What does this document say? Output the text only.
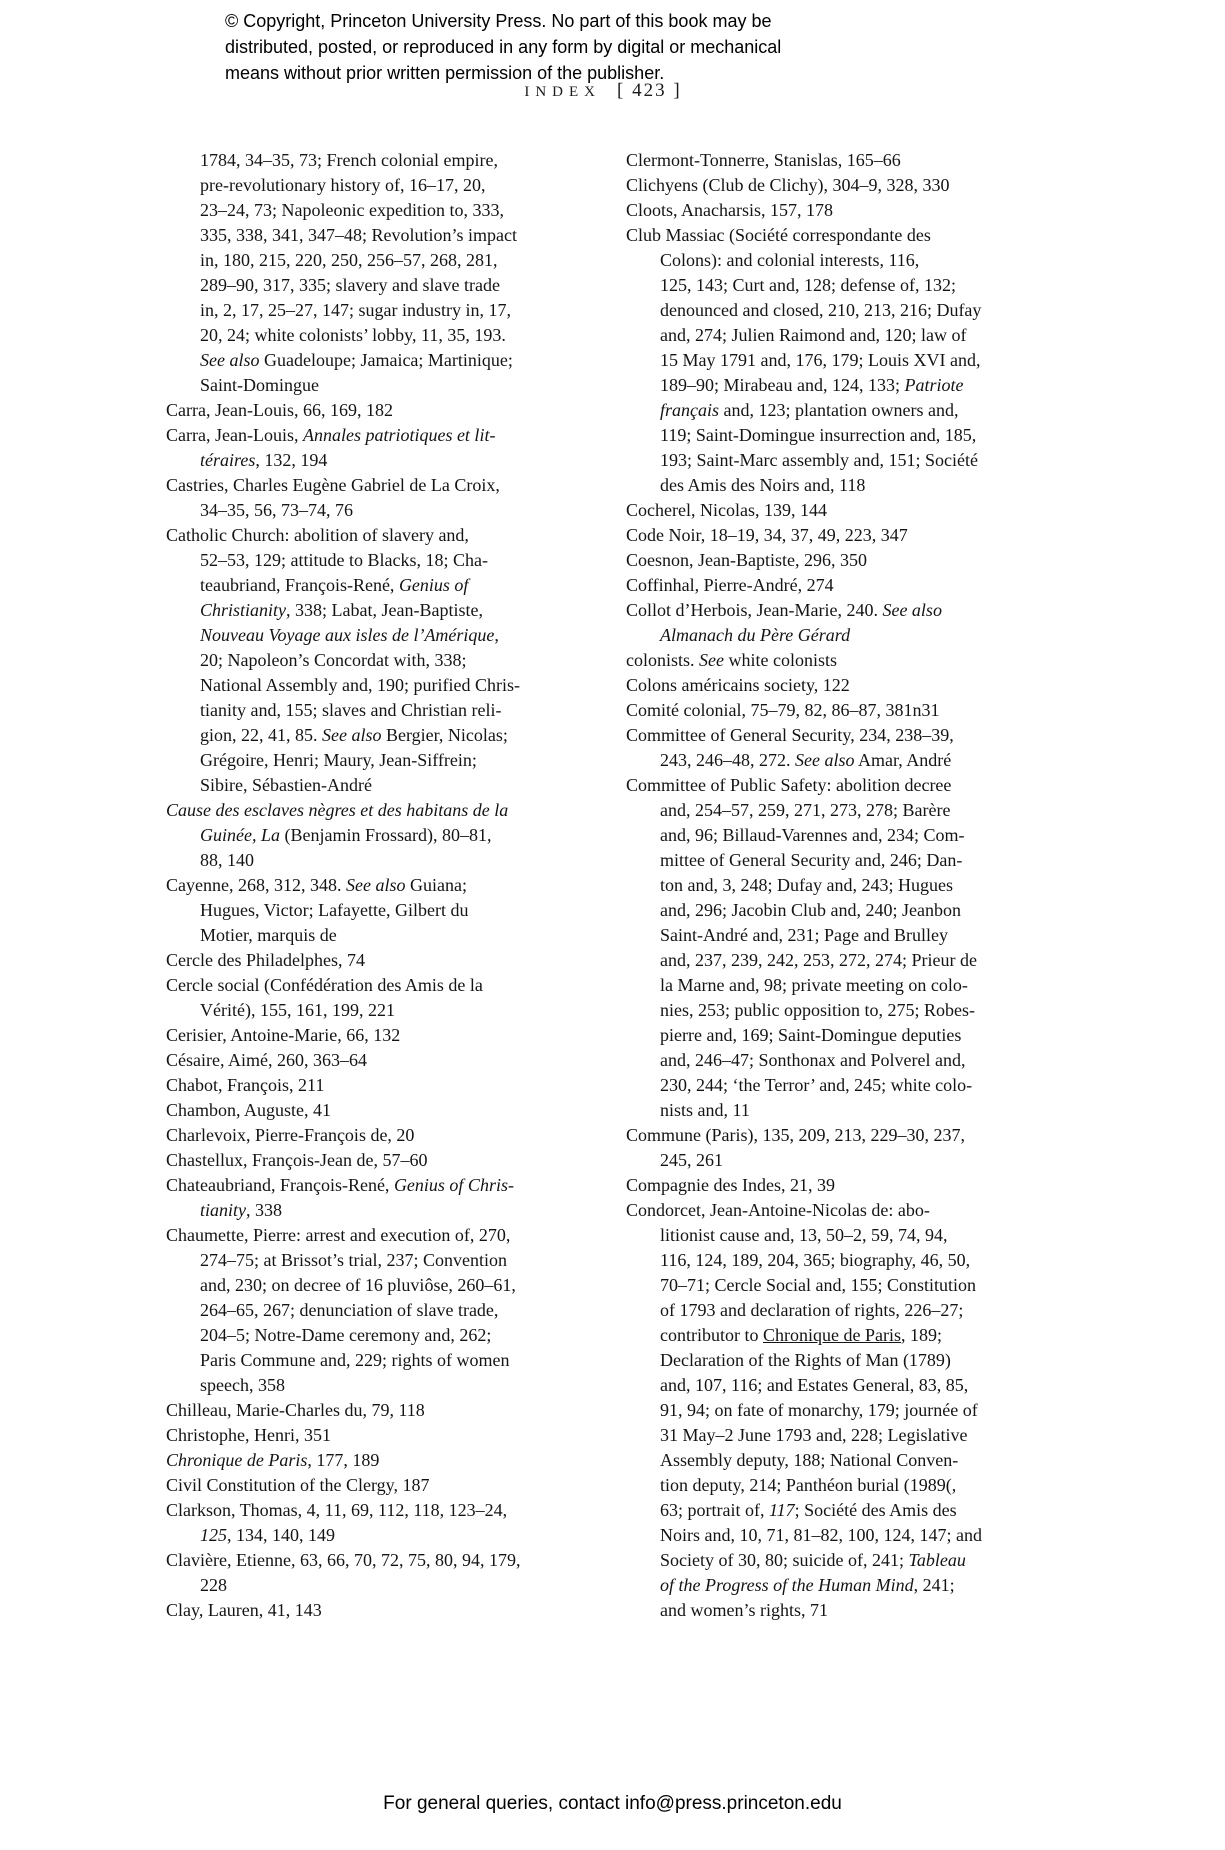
© Copyright, Princeton University Press. No part of this book may be
distributed, posted, or reproduced in any form by digital or mechanical
means without prior written permission of the publisher.
INDEX [ 423 ]
1784, 34–35, 73; French colonial empire,
pre-revolutionary history of, 16–17, 20,
23–24, 73; Napoleonic expedition to, 333,
335, 338, 341, 347–48; Revolution’s impact
in, 180, 215, 220, 250, 256–57, 268, 281,
289–90, 317, 335; slavery and slave trade
in, 2, 17, 25–27, 147; sugar industry in, 17,
20, 24; white colonists’ lobby, 11, 35, 193.
See also Guadeloupe; Jamaica; Martinique;
Saint-Domingue
Carra, Jean-Louis, 66, 169, 182
Carra, Jean-Louis, Annales patriotiques et lit-
téraires, 132, 194
Castries, Charles Eugène Gabriel de La Croix,
34–35, 56, 73–74, 76
Catholic Church: abolition of slavery and,
52–53, 129; attitude to Blacks, 18; Cha-
teaubriand, François-René, Genius of
Christianity, 338; Labat, Jean-Baptiste,
Nouveau Voyage aux isles de l’Amérique,
20; Napoleon’s Concordat with, 338;
National Assembly and, 190; purified Chris-
tianity and, 155; slaves and Christian reli-
gion, 22, 41, 85. See also Bergier, Nicolas;
Grégoire, Henri; Maury, Jean-Siffrein;
Sibire, Sébastien-André
Cause des esclaves nègres et des habitans de la
Guinée, La (Benjamin Frossard), 80–81,
88, 140
Cayenne, 268, 312, 348. See also Guiana;
Hugues, Victor; Lafayette, Gilbert du
Motier, marquis de
Cercle des Philadelphes, 74
Cercle social (Confédération des Amis de la
Vérité), 155, 161, 199, 221
Cerisier, Antoine-Marie, 66, 132
Césaire, Aimé, 260, 363–64
Chabot, François, 211
Chambon, Auguste, 41
Charlevoix, Pierre-François de, 20
Chastellux, François-Jean de, 57–60
Chateaubriand, François-René, Genius of Chris-
tianity, 338
Chaumette, Pierre: arrest and execution of, 270,
274–75; at Brissot’s trial, 237; Convention
and, 230; on decree of 16 pluviôse, 260–61,
264–65, 267; denunciation of slave trade,
204–5; Notre-Dame ceremony and, 262;
Paris Commune and, 229; rights of women
speech, 358
Chilleau, Marie-Charles du, 79, 118
Christophe, Henri, 351
Chronique de Paris, 177, 189
Civil Constitution of the Clergy, 187
Clarkson, Thomas, 4, 11, 69, 112, 118, 123–24,
125, 134, 140, 149
Clavière, Etienne, 63, 66, 70, 72, 75, 80, 94, 179,
228
Clay, Lauren, 41, 143
Clermont-Tonnerre, Stanislas, 165–66
Clichyens (Club de Clichy), 304–9, 328, 330
Cloots, Anacharsis, 157, 178
Club Massiac (Société correspondante des
Colons): and colonial interests, 116,
125, 143; Curt and, 128; defense of, 132;
denounced and closed, 210, 213, 216; Dufay
and, 274; Julien Raimond and, 120; law of
15 May 1791 and, 176, 179; Louis XVI and,
189–90; Mirabeau and, 124, 133; Patriote
français and, 123; plantation owners and,
119; Saint-Domingue insurrection and, 185,
193; Saint-Marc assembly and, 151; Société
des Amis des Noirs and, 118
Cocherel, Nicolas, 139, 144
Code Noir, 18–19, 34, 37, 49, 223, 347
Coesnon, Jean-Baptiste, 296, 350
Coffinhal, Pierre-André, 274
Collot d’Herbois, Jean-Marie, 240. See also
Almanach du Père Gérard
colonists. See white colonists
Colons américains society, 122
Comité colonial, 75–79, 82, 86–87, 381n31
Committee of General Security, 234, 238–39,
243, 246–48, 272. See also Amar, André
Committee of Public Safety: abolition decree
and, 254–57, 259, 271, 273, 278; Barère
and, 96; Billaud-Varennes and, 234; Com-
mittee of General Security and, 246; Dan-
ton and, 3, 248; Dufay and, 243; Hugues
and, 296; Jacobin Club and, 240; Jeanbon
Saint-André and, 231; Page and Brulley
and, 237, 239, 242, 253, 272, 274; Prieur de
la Marne and, 98; private meeting on colo-
nies, 253; public opposition to, 275; Robes-
pierre and, 169; Saint-Domingue deputies
and, 246–47; Sonthonax and Polverel and,
230, 244; ‘the Terror’ and, 245; white colo-
nists and, 11
Commune (Paris), 135, 209, 213, 229–30, 237,
245, 261
Compagnie des Indes, 21, 39
Condorcet, Jean-Antoine-Nicolas de: abo-
litionist cause and, 13, 50–2, 59, 74, 94,
116, 124, 189, 204, 365; biography, 46, 50,
70–71; Cercle Social and, 155; Constitution
of 1793 and declaration of rights, 226–27;
contributor to Chronique de Paris, 189;
Declaration of the Rights of Man (1789)
and, 107, 116; and Estates General, 83, 85,
91, 94; on fate of monarchy, 179; journée of
31 May–2 June 1793 and, 228; Legislative
Assembly deputy, 188; National Conven-
tion deputy, 214; Panthéon burial (1989(,
63; portrait of, 117; Société des Amis des
Noirs and, 10, 71, 81–82, 100, 124, 147; and
Society of 30, 80; suicide of, 241; Tableau
of the Progress of the Human Mind, 241;
and women’s rights, 71
For general queries, contact info@press.princeton.edu
